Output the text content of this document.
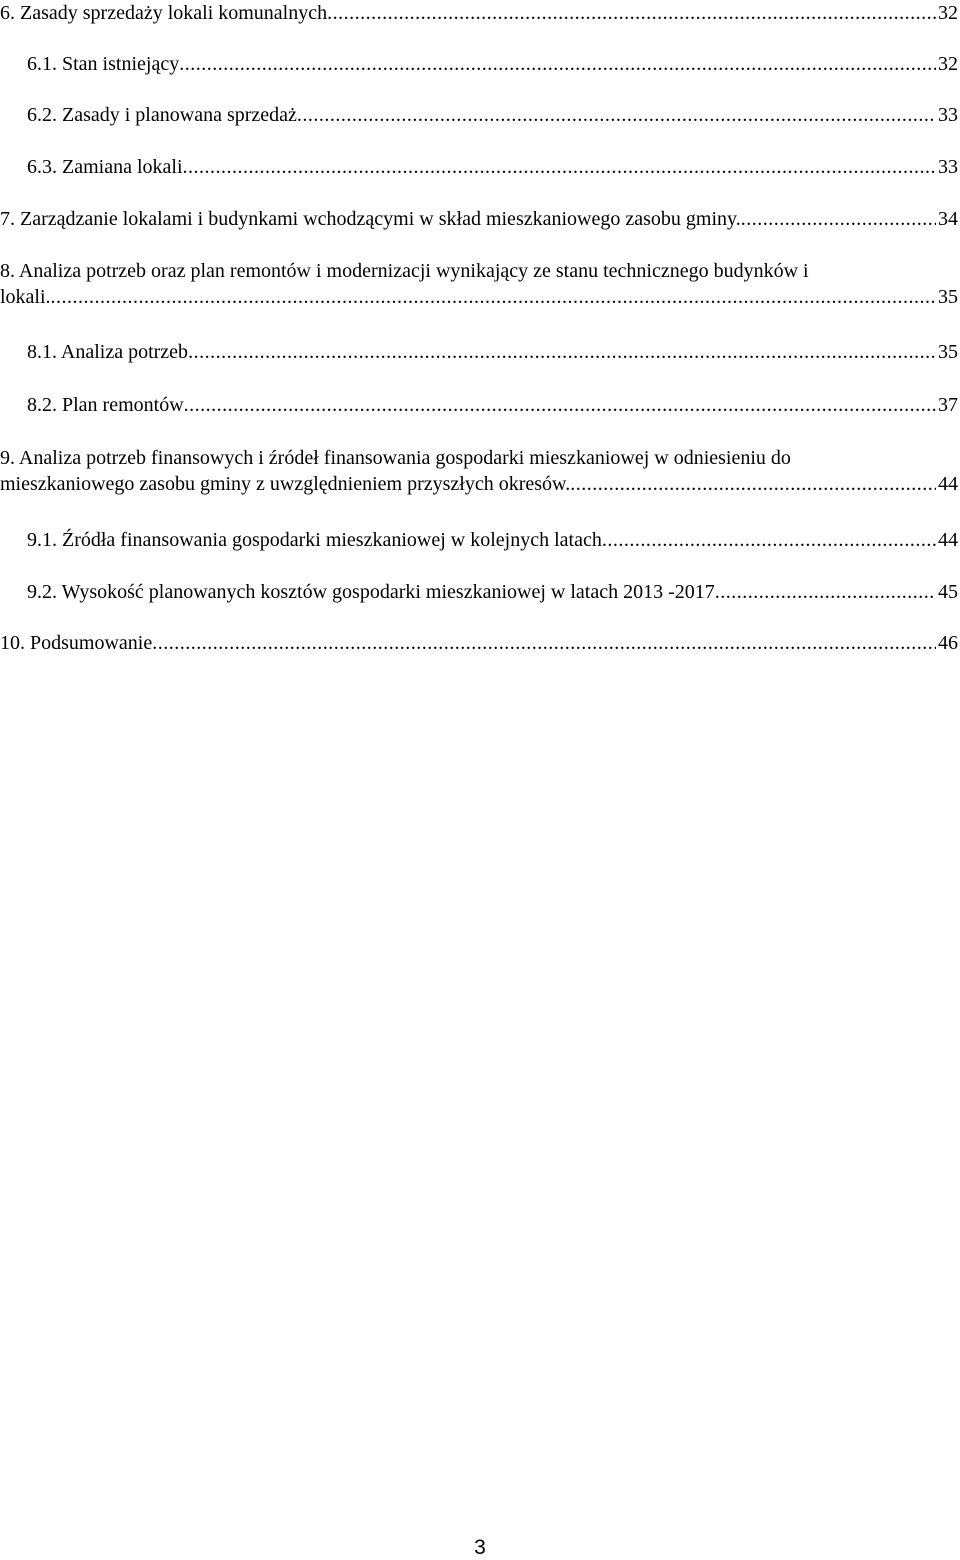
6. Zasady sprzedaży lokali komunalnych .....	32
6.1. Stan istniejący .....	32
6.2. Zasady i planowana sprzedaż .....	33
6.3. Zamiana lokali .....	33
7. Zarządzanie lokalami i budynkami wchodzącymi w skład mieszkaniowego zasobu gminy. .....	34
8. Analiza potrzeb oraz plan remontów i modernizacji wynikający ze stanu technicznego budynków i
lokali. .....	35
8.1. Analiza potrzeb .....	35
8.2. Plan remontów .....	37
9. Analiza potrzeb finansowych i źródeł finansowania gospodarki mieszkaniowej w odniesieniu do
mieszkaniowego zasobu gminy z uwzględnieniem przyszłych okresów. .....	44
9.1. Źródła finansowania gospodarki mieszkaniowej w kolejnych latach .....	44
9.2. Wysokość planowanych kosztów gospodarki mieszkaniowej w latach 2013 -2017 .....	45
10. Podsumowanie .....	46
3
